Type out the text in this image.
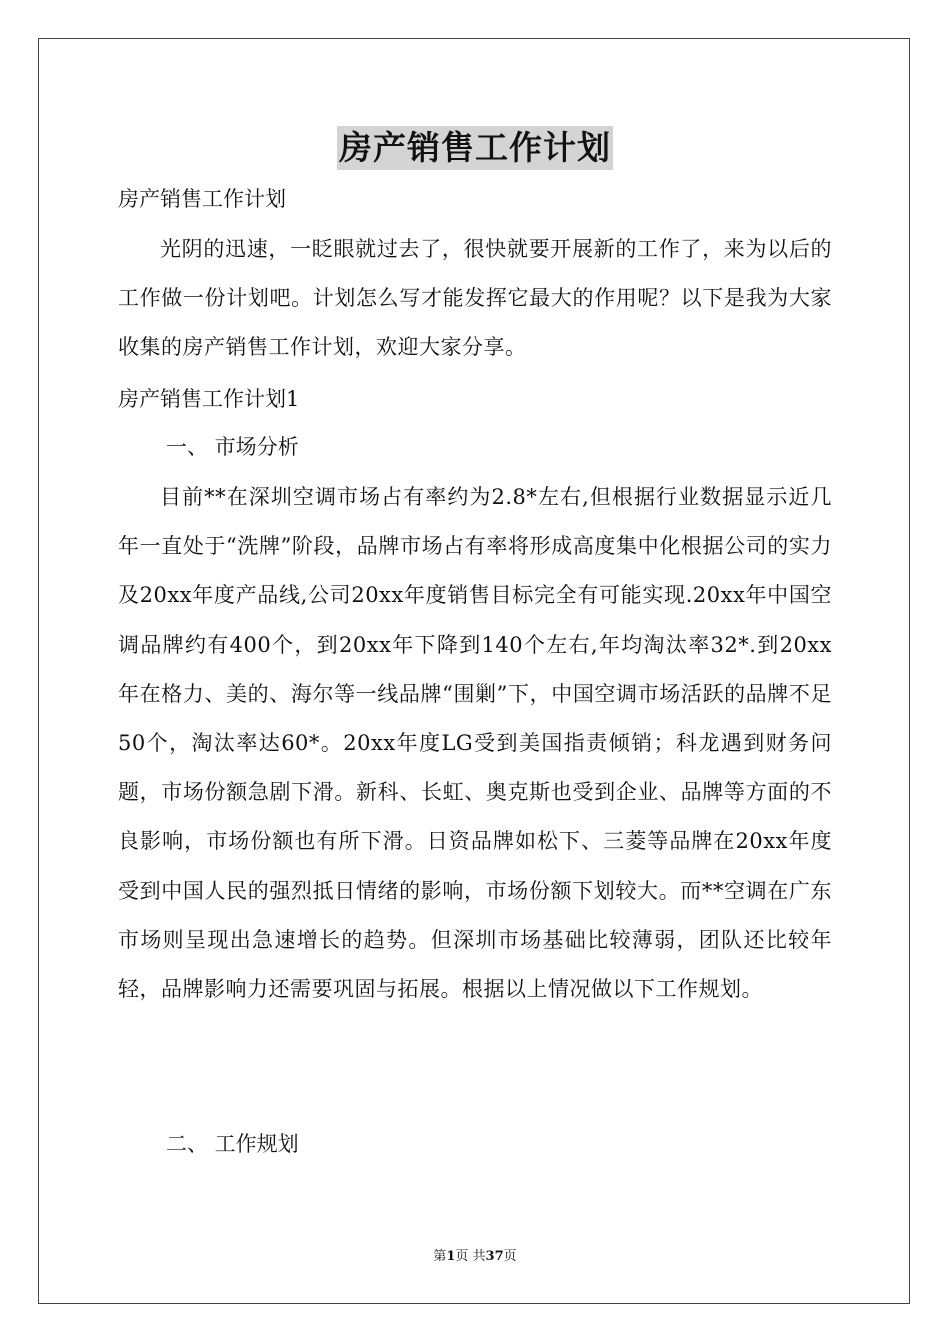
房产销售工作计划
房产销售工作计划
光阴的迅速，一眨眼就过去了，很快就要开展新的工作了，来为以后的工作做一份计划吧。计划怎么写才能发挥它最大的作用呢？以下是我为大家收集的房产销售工作计划，欢迎大家分享。
房产销售工作计划1
一、 市场分析
目前**在深圳空调市场占有率约为2.8*左右,但根据行业数据显示近几年一直处于“洗牌”阶段，品牌市场占有率将形成高度集中化根据公司的实力及20xx年度产品线,公司20xx年度销售目标完全有可能实现.20xx年中国空调品牌约有400个，到20xx年下降到140个左右,年均淘汰率32*.到20xx年在格力、美的、海尔等一线品牌“围剿”下，中国空调市场活跃的品牌不足50个，淘汰率达60*。20xx年度LG受到美国指责倾销；科龙遇到财务问题，市场份额急剧下滑。新科、长虹、奥克斯也受到企业、品牌等方面的不良影响，市场份额也有所下滑。日资品牌如松下、三菱等品牌在20xx年度受到中国人民的强烈抵日情绪的影响，市场份额下划较大。而**空调在广东市场则呈现出急速增长的趋势。但深圳市场基础比较薄弱，团队还比较年轻，品牌影响力还需要巩固与拓展。根据以上情况做以下工作规划。
二、 工作规划
第1页 共37页
